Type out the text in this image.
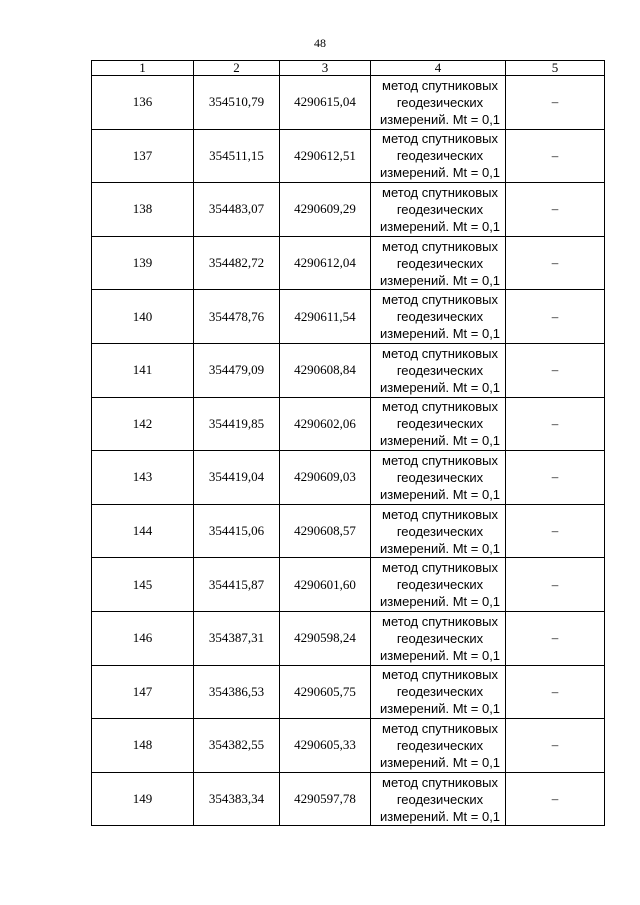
48
1	2	3	4	5
136	354510,79	4290615,04	метод спутниковых
геодезических
измерений. Mt = 0,1	–
137	354511,15	4290612,51	метод спутниковых
геодезических
измерений. Mt = 0,1	–
138	354483,07	4290609,29	метод спутниковых
геодезических
измерений. Mt = 0,1	–
139	354482,72	4290612,04	метод спутниковых
геодезических
измерений. Mt = 0,1	–
140	354478,76	4290611,54	метод спутниковых
геодезических
измерений. Mt = 0,1	–
141	354479,09	4290608,84	метод спутниковых
геодезических
измерений. Mt = 0,1	–
142	354419,85	4290602,06	метод спутниковых
геодезических
измерений. Mt = 0,1	–
143	354419,04	4290609,03	метод спутниковых
геодезических
измерений. Mt = 0,1	–
144	354415,06	4290608,57	метод спутниковых
геодезических
измерений. Mt = 0,1	–
145	354415,87	4290601,60	метод спутниковых
геодезических
измерений. Mt = 0,1	–
146	354387,31	4290598,24	метод спутниковых
геодезических
измерений. Mt = 0,1	–
147	354386,53	4290605,75	метод спутниковых
геодезических
измерений. Mt = 0,1	–
148	354382,55	4290605,33	метод спутниковых
геодезических
измерений. Mt = 0,1	–
149	354383,34	4290597,78	метод спутниковых
геодезических
измерений. Mt = 0,1	–
